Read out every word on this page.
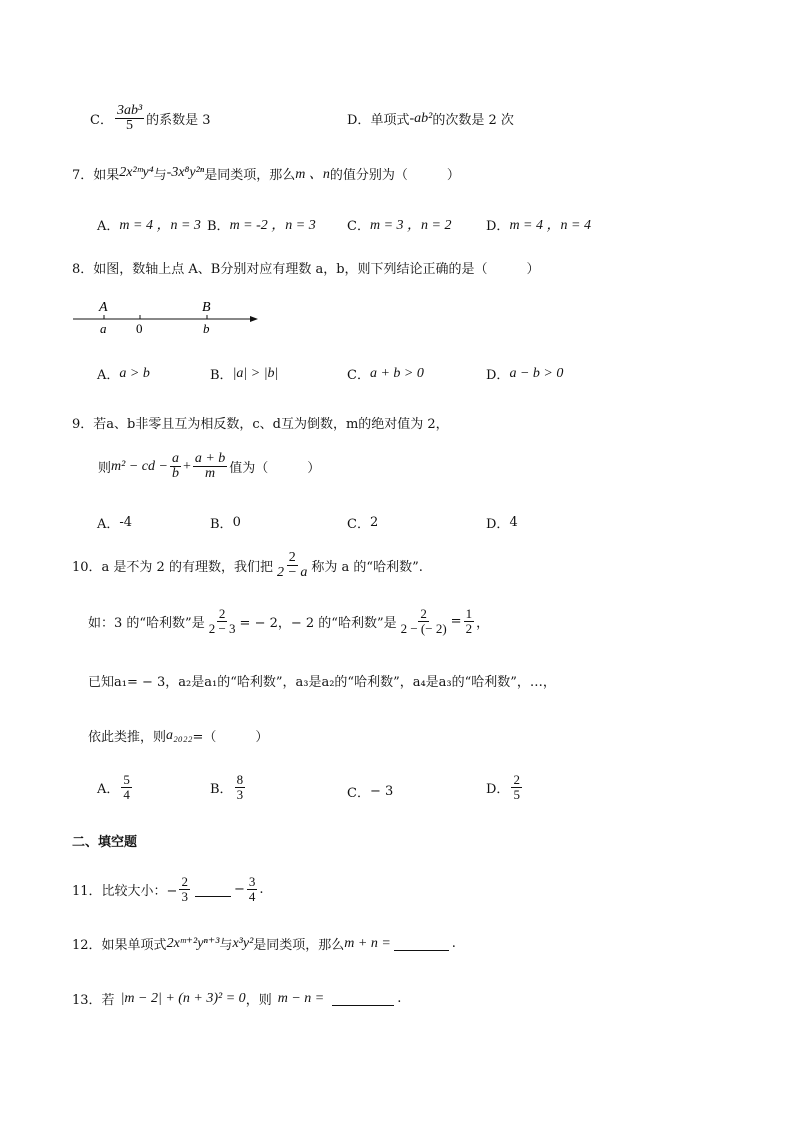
C． $\frac{\text{3ab³}}{5}$ 的系数是 3	D． 单项式 -ab² 的次数是 2 次
7． 如果 2x²ᵐy⁴ 与 -3x⁸y²ⁿ 是同类项，那么 m 、n 的值分别为（　　　）
A． m = 4 ，n = 3 B． m = -2 ，n = 3 C． m = 3 ，n = 2	D． m = 4 ，n = 4
8． 如图，数轴上点 A、B分别对应有理数 a，b，则下列结论正确的是（　　　）
A
a 0
B
b
A． a > b	B． |a| > |b|	C． a + b > 0	D． a − b > 0
9． 若a、b非零且互为相反数，c、d互为倒数，m的绝对值为 2，
则 m² − cd − $\frac{a}{b} + \frac{a + b}{m}$ 值为（　　　）
A． -4	B． 0	C． 2	D． 4
10． a 是不为 2 的有理数，我们把 $\frac{2}{2 - a}$ 称为 a 的“哈利数”.
如：3 的“哈利数”是 $\frac{2}{2 - 3}$ = − 2，− 2 的“哈利数”是 $\frac{2}{2 - (- 2)} = \frac{1}{2}$ ，
已知a₁= − 3，a₂是a₁的“哈利数”，a₃是a₂的“哈利数”，a₄是a₃的“哈利数”，…，
依此类推，则 a₂₀₂₂ =（　　　）
A． $\frac{5}{4}$	B． $\frac{8}{3}$	C． − 3	D． $\frac{2}{5}$
二、填空题
11． 比较大小：− $\frac{2}{3}$	− $\frac{3}{4}$ .
12． 如果单项式 2xᵐ⁺²yⁿ⁺³ 与 x³y² 是同类项，那么 m + n =	.
13． 若 |m − 2| + (n + 3)² = 0 ，则 m − n =	.
